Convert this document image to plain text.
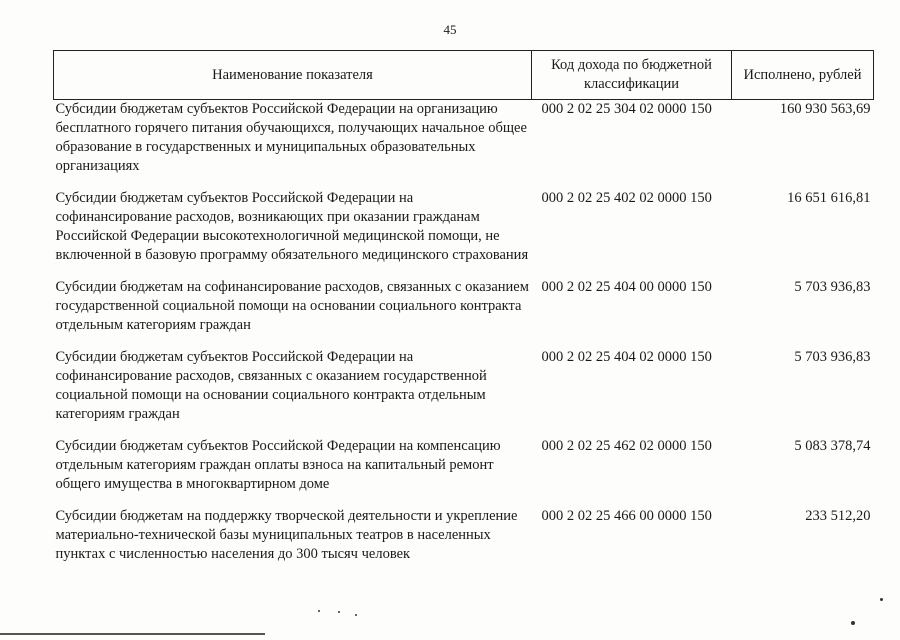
45
Наименование показателя	Код дохода по бюджетной классификации	Исполнено, рублей
Субсидии бюджетам субъектов Российской Федерации на организацию бесплатного горячего питания обучающихся, получающих начальное общее образование в государственных и муниципальных образовательных организациях	000 2 02 25 304 02 0000 150	160 930 563,69
Субсидии бюджетам субъектов Российской Федерации на софинансирование расходов, возникающих при оказании гражданам Российской Федерации высокотехнологичной медицинской помощи, не включенной в базовую программу обязательного медицинского страхования	000 2 02 25 402 02 0000 150	16 651 616,81
Субсидии бюджетам на софинансирование расходов, связанных с оказанием государственной социальной помощи на основании социального контракта отдельным категориям граждан	000 2 02 25 404 00 0000 150	5 703 936,83
Субсидии бюджетам субъектов Российской Федерации на софинансирование расходов, связанных с оказанием государственной социальной помощи на основании социального контракта отдельным категориям граждан	000 2 02 25 404 02 0000 150	5 703 936,83
Субсидии бюджетам субъектов Российской Федерации на компенсацию отдельным категориям граждан оплаты взноса на капитальный ремонт общего имущества в многоквартирном доме	000 2 02 25 462 02 0000 150	5 083 378,74
Субсидии бюджетам на поддержку творческой деятельности и укрепление материально-технической базы муниципальных театров в населенных пунктах с численностью населения до 300 тысяч человек	000 2 02 25 466 00 0000 150	233 512,20
